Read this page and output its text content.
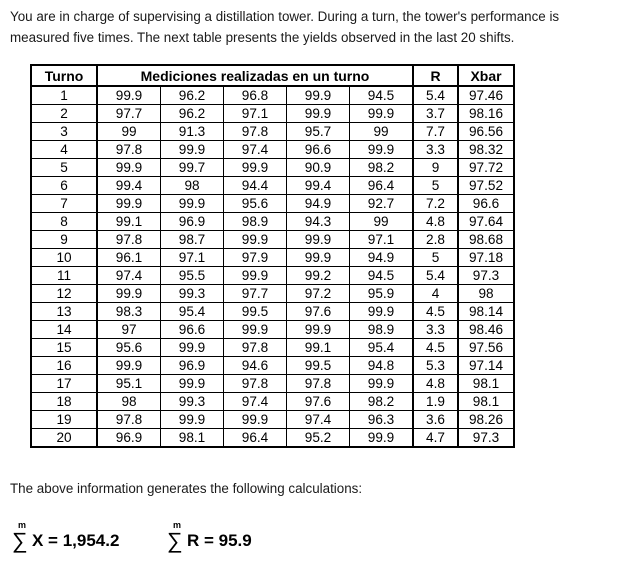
You are in charge of supervising a distillation tower. During a turn, the tower's performance is
measured five times. The next table presents the yields observed in the last 20 shifts.
Turno	Mediciones realizadas en un turno					R	Xbar
1	99.9	96.2	96.8	99.9	94.5	5.4	97.46
2	97.7	96.2	97.1	99.9	99.9	3.7	98.16
3	99	91.3	97.8	95.7	99	7.7	96.56
4	97.8	99.9	97.4	96.6	99.9	3.3	98.32
5	99.9	99.7	99.9	90.9	98.2	9	97.72
6	99.4	98	94.4	99.4	96.4	5	97.52
7	99.9	99.9	95.6	94.9	92.7	7.2	96.6
8	99.1	96.9	98.9	94.3	99	4.8	97.64
9	97.8	98.7	99.9	99.9	97.1	2.8	98.68
10	96.1	97.1	97.9	99.9	94.9	5	97.18
11	97.4	95.5	99.9	99.2	94.5	5.4	97.3
12	99.9	99.3	97.7	97.2	95.9	4	98
13	98.3	95.4	99.5	97.6	99.9	4.5	98.14
14	97	96.6	99.9	99.9	98.9	3.3	98.46
15	95.6	99.9	97.8	99.1	95.4	4.5	97.56
16	99.9	96.9	94.6	99.5	94.8	5.3	97.14
17	95.1	99.9	97.8	97.8	99.9	4.8	98.1
18	98	99.3	97.4	97.6	98.2	1.9	98.1
19	97.8	99.9	99.9	97.4	96.3	3.6	98.26
20	96.9	98.1	96.4	95.2	99.9	4.7	97.3
The above information generates the following calculations:
m
∑ X = 1,954.2
m
∑ R = 95.9
